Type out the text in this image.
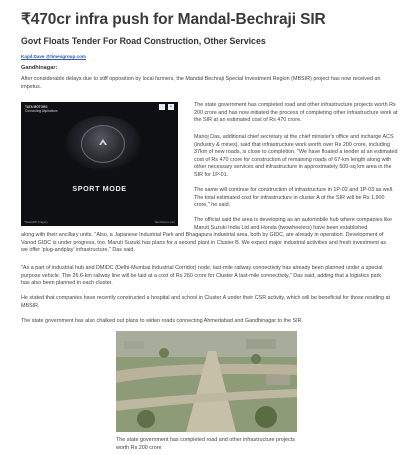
₹470cr infra push for Mandal-Bechraji SIR
Govt Floats Tender For Road Construction, Other Services
Kapil.Dave @timesgroup.com
Gandhinagar:

After considerable delays due to stiff opposition by local farmers, the Mandal Bechraji Special Investment Region (MBSIR) project has now received an impetus.

TATA MOTORS
Connecting Aspirations
ⓘ ✕
SPORT MODE
*Tata/ADP Imagery	Tata Motors.com

The state government has completed road and other infrastructure projects worth Rs 200 crore and has now initiated the process of completing other infrastructure work at the SIR at an estimated cost of Rs 470 crore.

Manoj Das, additional chief secretary at the chief minister's office and incharge ACS (industry & mines), said that infrastructure work worth over Rs 200 crore, including 37km of new roads, is close to completion. "We have floated a tender at an estimated cost of Rs 470 crore for construction of remaining roads of 67-km length along with other necessary services and infrastructure in approximately 500-sq km area in the SIR for 1P-01.

The same will continue for construction of infrastructure in 1P-02 and 1P-03 as well. The total estimated cost for infrastructure in cluster A of the SIR will be Rs 1,900 crore," he said.

The official said the area is developing as an automobile hub where companies like Maruti Suzuki India Ltd and Honda (twowheelers) have been established

along with their ancillary units. "Also, a Japanese Industrial Park and Bhagapura industrial area, both by GIDC, are already in operation. Development of Vanod GIDC is under progress, too. Maruti Suzuki has plans for a second plant in Cluster B. We expect major industrial activities and fresh investment as we offer 'plug-andplay' infrastructure," Das said.

"As a part of industrial hub and DMIDC (Delhi-Mumbai Industrial Corridor) node, last-mile railway connectivity has already been planned under a special purpose vehicle. The 26.6-km railway line will be laid at a cost of Rs 260 crore for Cluster A last-mile connectivity," Das said, adding that a logistics park has also been planned in each cluster.

He stated that companies have recently constructed a hospital and school in Cluster A under their CSR activity, which will be beneficial for those residing at MBSIR.

The state government has also chalked out plans to widen roads connecting Ahmedabad and Gandhinagar to the SIR.

The state government has completed road and other infrastructure projects worth Rs 200 crore
